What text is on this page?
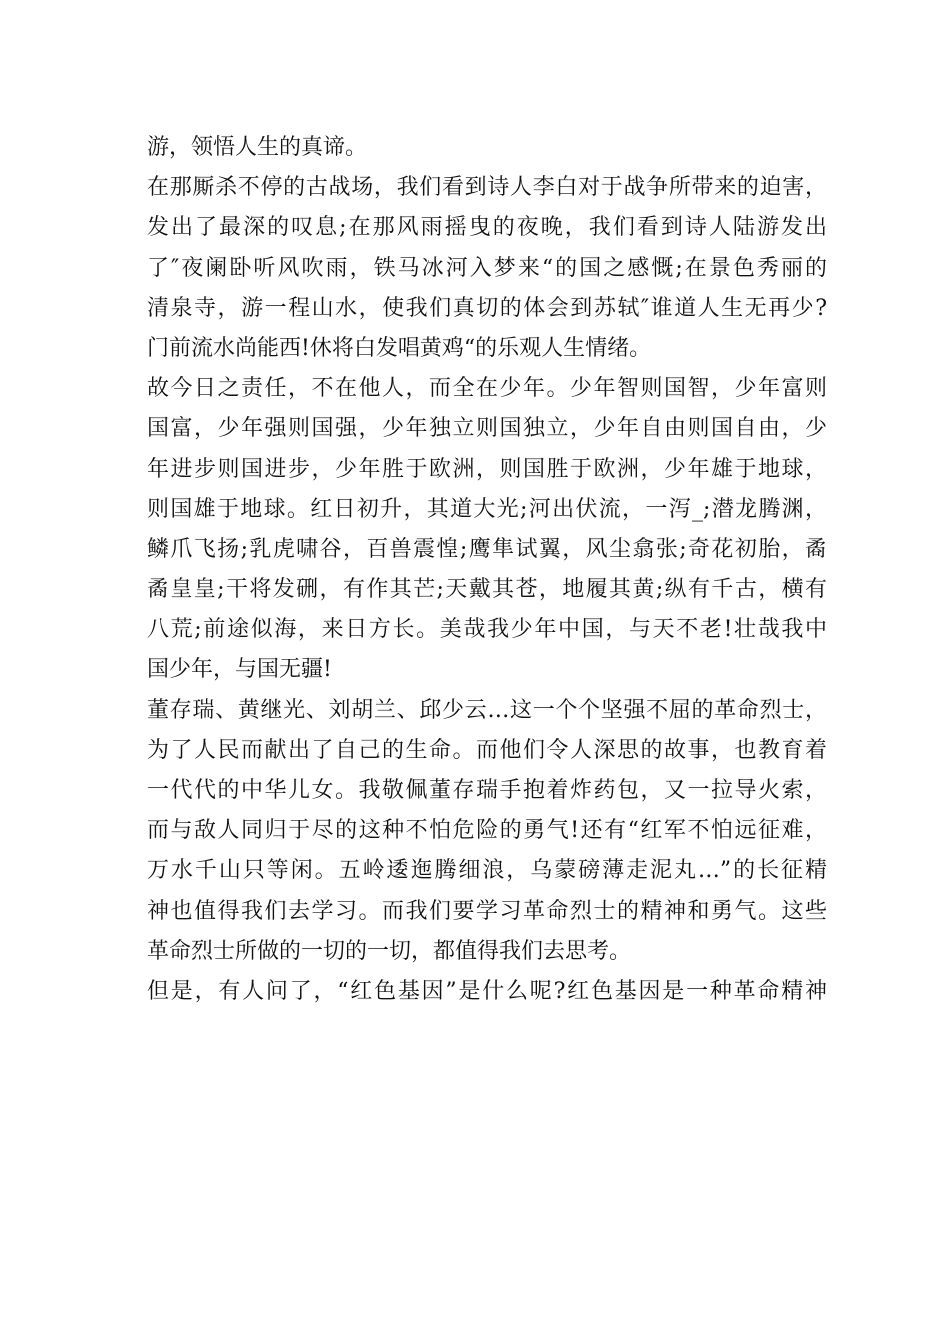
游，领悟人生的真谛。
在那厮杀不停的古战场，我们看到诗人李白对于战争所带来的迫害，
发出了最深的叹息;在那风雨摇曳的夜晚，我们看到诗人陆游发出
了″夜阑卧听风吹雨，铁马冰河入梦来“的国之感慨;在景色秀丽的
清泉寺，游一程山水，使我们真切的体会到苏轼″谁道人生无再少?
门前流水尚能西!休将白发唱黄鸡“的乐观人生情绪。
故今日之责任，不在他人，而全在少年。少年智则国智，少年富则
国富，少年强则国强，少年独立则国独立，少年自由则国自由，少
年进步则国进步，少年胜于欧洲，则国胜于欧洲，少年雄于地球，
则国雄于地球。红日初升，其道大光;河出伏流，一泻_;潜龙腾渊，
鳞爪飞扬;乳虎啸谷，百兽震惶;鹰隼试翼，风尘翕张;奇花初胎，矞
矞皇皇;干将发硎，有作其芒;天戴其苍，地履其黄;纵有千古，横有
八荒;前途似海，来日方长。美哉我少年中国，与天不老!壮哉我中
国少年，与国无疆!
董存瑞、黄继光、刘胡兰、邱少云…这一个个坚强不屈的革命烈士，
为了人民而献出了自己的生命。而他们令人深思的故事，也教育着
一代代的中华儿女。我敬佩董存瑞手抱着炸药包，又一拉导火索，
而与敌人同归于尽的这种不怕危险的勇气!还有“红军不怕远征难，
万水千山只等闲。五岭逶迤腾细浪，乌蒙磅薄走泥丸…”的长征精
神也值得我们去学习。而我们要学习革命烈士的精神和勇气。这些
革命烈士所做的一切的一切，都值得我们去思考。
但是，有人问了，“红色基因”是什么呢?红色基因是一种革命精神
